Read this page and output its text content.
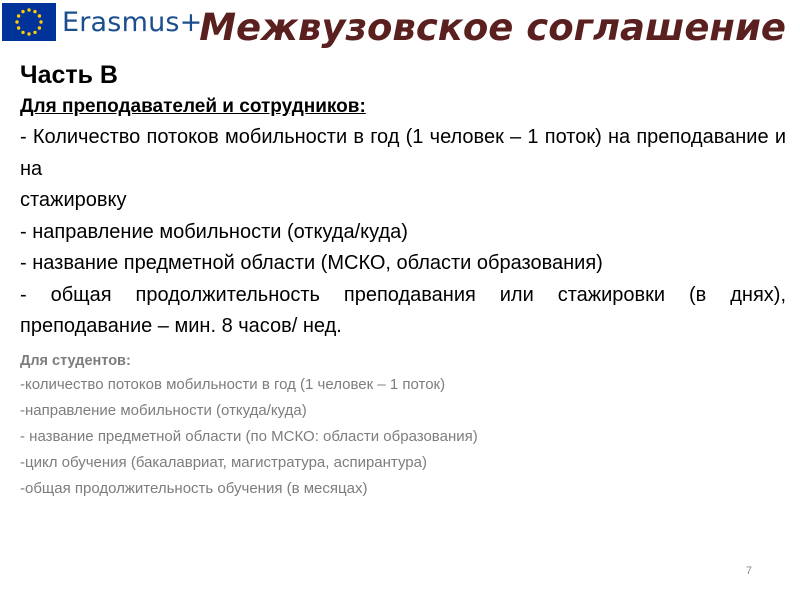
Erasmus+
Межвузовское соглашение
Часть B

Для преподавателей и сотрудников:

- Количество потоков мобильности в год (1 человек – 1 поток) на преподавание и на

стажировку

- направление мобильности (откуда/куда)

- название предметной области (МСКО, области образования)

- общая продолжительность преподавания или стажировки (в днях), преподавание – мин. 8 часов/ нед.

Для студентов:

-количество потоков мобильности в год (1 человек – 1 поток)

-направление мобильности (откуда/куда)

- название предметной области (по МСКО: области образования)

-цикл обучения (бакалавриат, магистратура, аспирантура)

-общая продолжительность обучения (в месяцах)

7
